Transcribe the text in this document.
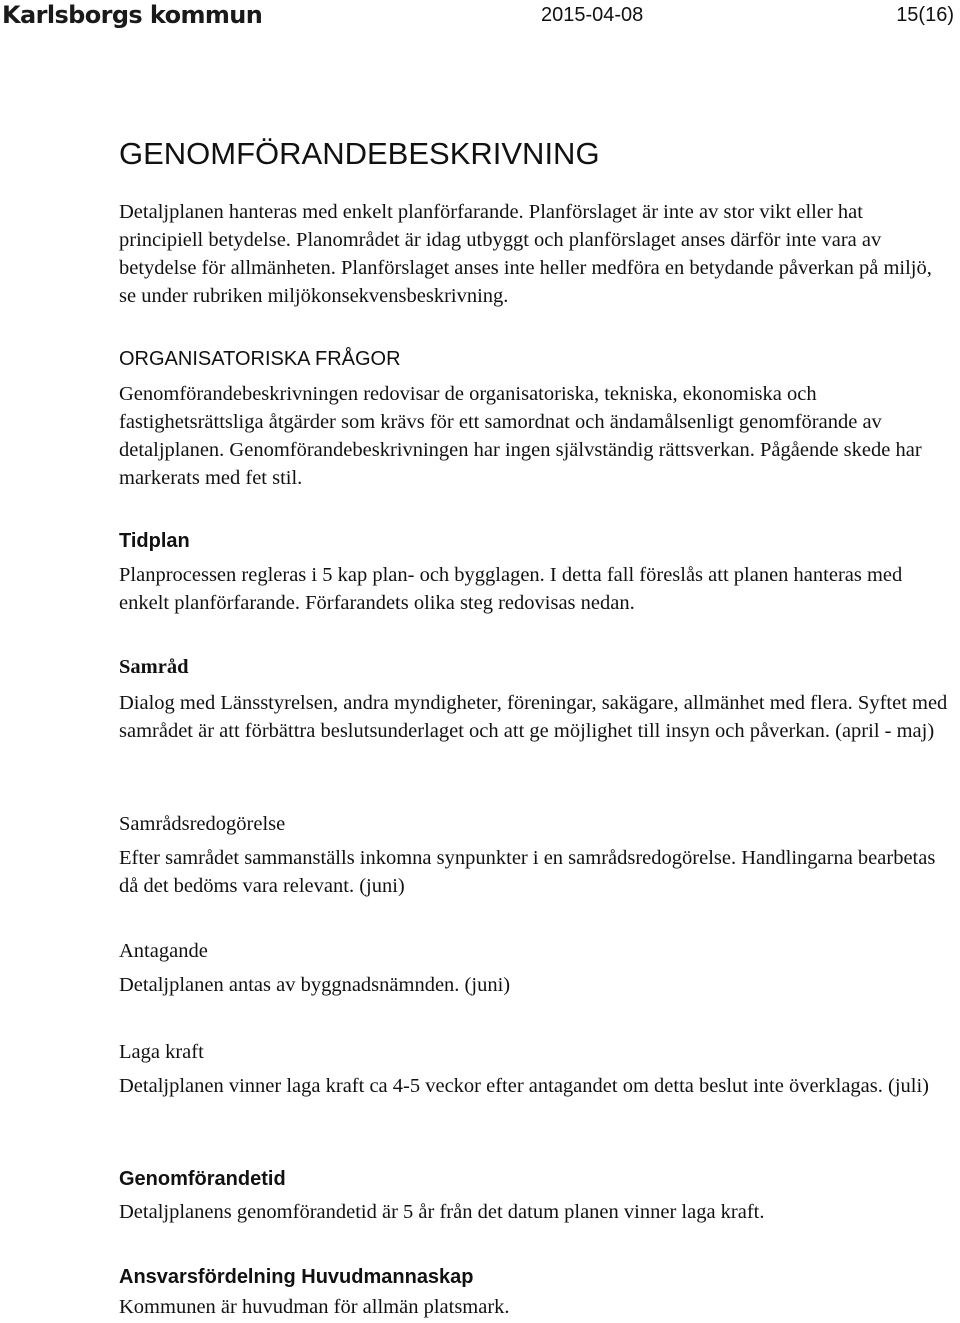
Karlsborgs kommun	2015-04-08	15(16)
GENOMFÖRANDEBESKRIVNING

Detaljplanen hanteras med enkelt planförfarande. Planförslaget är inte av stor vikt eller hat principiell betydelse. Planområdet är idag utbyggt och planförslaget anses därför inte vara av betydelse för allmänheten. Planförslaget anses inte heller medföra en betydande påverkan på miljö, se under rubriken miljökonsekvensbeskrivning.

ORGANISATORISKA FRÅGOR

Genomförandebeskrivningen redovisar de organisatoriska, tekniska, ekonomiska och fastighetsrättsliga åtgärder som krävs för ett samordnat och ändamålsenligt genomförande av detaljplanen. Genomförandebeskrivningen har ingen självständig rättsverkan. Pågående skede har markerats med fet stil.

Tidplan

Planprocessen regleras i 5 kap plan- och bygglagen. I detta fall föreslås att planen hanteras med enkelt planförfarande. Förfarandets olika steg redovisas nedan.

Samråd

Dialog med Länsstyrelsen, andra myndigheter, föreningar, sakägare, allmänhet med flera. Syftet med samrådet är att förbättra beslutsunderlaget och att ge möjlighet till insyn och påverkan. (april - maj)

Samrådsredogörelse

Efter samrådet sammanställs inkomna synpunkter i en samrådsredogörelse. Handlingarna bearbetas då det bedöms vara relevant. (juni)

Antagande

Detaljplanen antas av byggnadsnämnden. (juni)

Laga kraft

Detaljplanen vinner laga kraft ca 4-5 veckor efter antagandet om detta beslut inte överklagas. (juli)

Genomförandetid

Detaljplanens genomförandetid är 5 år från det datum planen vinner laga kraft.

Ansvarsfördelning Huvudmannaskap

Kommunen är huvudman för allmän platsmark.
